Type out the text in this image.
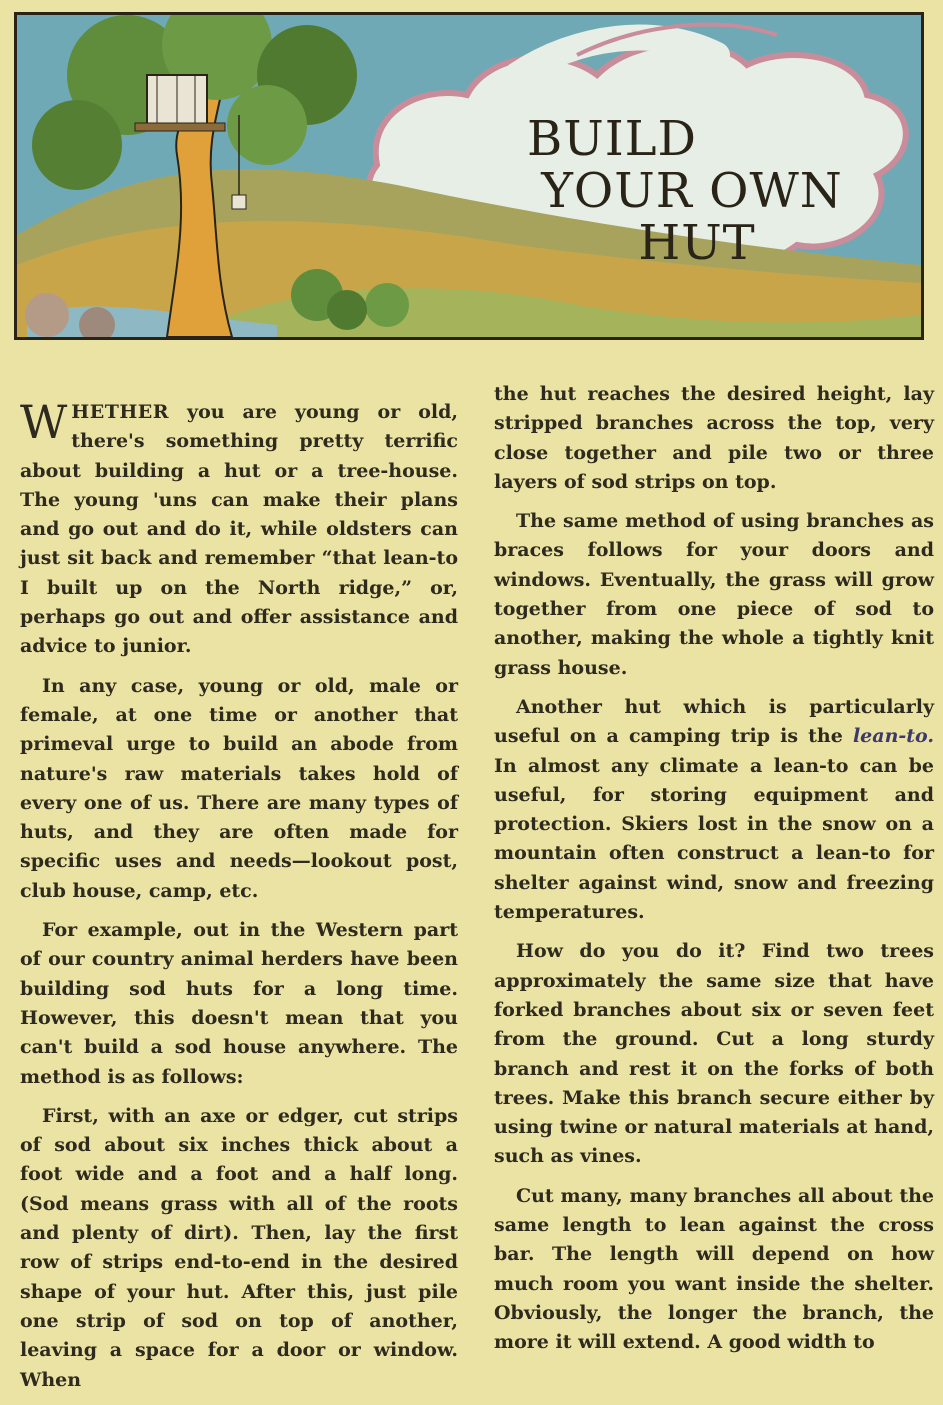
BUILD
YOUR OWN
HUT

WHETHER you are young or old, there's something pretty terrific about building a hut or a tree-house. The young 'uns can make their plans and go out and do it, while oldsters can just sit back and remember “that lean-to I built up on the North ridge,” or, perhaps go out and offer assistance and advice to junior.

In any case, young or old, male or female, at one time or another that primeval urge to build an abode from nature's raw materials takes hold of every one of us. There are many types of huts, and they are often made for specific uses and needs—lookout post, club house, camp, etc.

For example, out in the Western part of our country animal herders have been building sod huts for a long time. However, this doesn't mean that you can't build a sod house anywhere. The method is as follows:

First, with an axe or edger, cut strips of sod about six inches thick about a foot wide and a foot and a half long. (Sod means grass with all of the roots and plenty of dirt). Then, lay the first row of strips end-to-end in the desired shape of your hut. After this, just pile one strip of sod on top of another, leaving a space for a door or window. When

the hut reaches the desired height, lay stripped branches across the top, very close together and pile two or three layers of sod strips on top.

The same method of using branches as braces follows for your doors and windows. Eventually, the grass will grow together from one piece of sod to another, making the whole a tightly knit grass house.

Another hut which is particularly useful on a camping trip is the lean-to. In almost any climate a lean-to can be useful, for storing equipment and protection. Skiers lost in the snow on a mountain often construct a lean-to for shelter against wind, snow and freezing temperatures.

How do you do it? Find two trees approximately the same size that have forked branches about six or seven feet from the ground. Cut a long sturdy branch and rest it on the forks of both trees. Make this branch secure either by using twine or natural materials at hand, such as vines.

Cut many, many branches all about the same length to lean against the cross bar. The length will depend on how much room you want inside the shelter. Obviously, the longer the branch, the more it will extend. A good width to
